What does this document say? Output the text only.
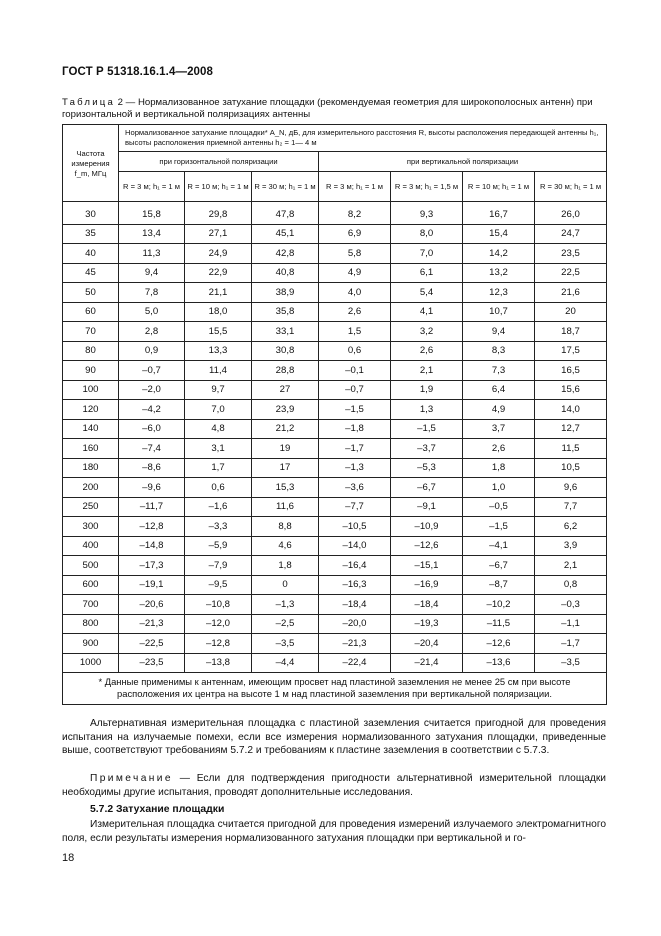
ГОСТ Р 51318.16.1.4—2008
Таблица 2 — Нормализованное затухание площадки (рекомендуемая геометрия для широкополосных антенн) при горизонтальной и вертикальной поляризациях антенны
Частота измерения f_m, МГц	Нормализованное затухание площадки* A_N, дБ, для измерительного расстояния R, высоты расположения передающей антенны h₁, высоты расположения приемной антенны h₂ = 1— 4 м						
	при горизонтальной поляризации			при вертикальной поляризации			
	R = 3 м; h₁ = 1 м	R = 10 м; h₁ = 1 м	R = 30 м; h₁ = 1 м	R = 3 м; h₁ = 1 м	R = 3 м; h₁ = 1,5 м	R = 10 м; h₁ = 1 м	R = 30 м; h₁ = 1 м
30	15,8	29,8	47,8	8,2	9,3	16,7	26,0
35	13,4	27,1	45,1	6,9	8,0	15,4	24,7
40	11,3	24,9	42,8	5,8	7,0	14,2	23,5
45	9,4	22,9	40,8	4,9	6,1	13,2	22,5
50	7,8	21,1	38,9	4,0	5,4	12,3	21,6
60	5,0	18,0	35,8	2,6	4,1	10,7	20
70	2,8	15,5	33,1	1,5	3,2	9,4	18,7
80	0,9	13,3	30,8	0,6	2,6	8,3	17,5
90	–0,7	11,4	28,8	–0,1	2,1	7,3	16,5
100	–2,0	9,7	27	–0,7	1,9	6,4	15,6
120	–4,2	7,0	23,9	–1,5	1,3	4,9	14,0
140	–6,0	4,8	21,2	–1,8	–1,5	3,7	12,7
160	–7,4	3,1	19	–1,7	–3,7	2,6	11,5
180	–8,6	1,7	17	–1,3	–5,3	1,8	10,5
200	–9,6	0,6	15,3	–3,6	–6,7	1,0	9,6
250	–11,7	–1,6	11,6	–7,7	–9,1	–0,5	7,7
300	–12,8	–3,3	8,8	–10,5	–10,9	–1,5	6,2
400	–14,8	–5,9	4,6	–14,0	–12,6	–4,1	3,9
500	–17,3	–7,9	1,8	–16,4	–15,1	–6,7	2,1
600	–19,1	–9,5	0	–16,3	–16,9	–8,7	0,8
700	–20,6	–10,8	–1,3	–18,4	–18,4	–10,2	–0,3
800	–21,3	–12,0	–2,5	–20,0	–19,3	–11,5	–1,1
900	–22,5	–12,8	–3,5	–21,3	–20,4	–12,6	–1,7
1000	–23,5	–13,8	–4,4	–22,4	–21,4	–13,6	–3,5
* Данные применимы к антеннам, имеющим просвет над пластиной заземления не менее 25 см при высоте расположения их центра на высоте 1 м над пластиной заземления при вертикальной поляризации.							
Альтернативная измерительная площадка с пластиной заземления считается пригодной для проведения испытания на излучаемые помехи, если все измерения нормализованного затухания площадки, приведенные выше, соответствуют требованиям 5.7.2 и требованиям к пластине заземления в соответствии с 5.7.3.
Примечание — Если для подтверждения пригодности альтернативной измерительной площадки необходимы другие испытания, проводят дополнительные исследования.
5.7.2 Затухание площадки
Измерительная площадка считается пригодной для проведения измерений излучаемого электромагнитного поля, если результаты измерения нормализованного затухания площадки при вертикальной и го-
18
